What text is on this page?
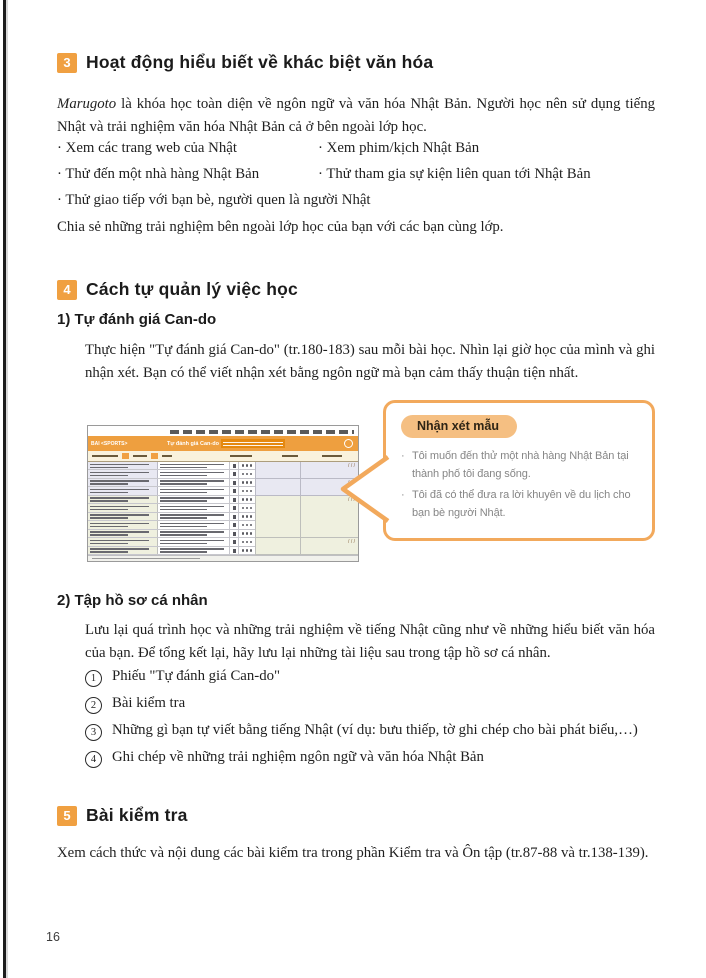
3 Hoạt động hiểu biết về khác biệt văn hóa
Marugoto là khóa học toàn diện về ngôn ngữ và văn hóa Nhật Bản. Người học nên sử dụng tiếng Nhật và trải nghiệm văn hóa Nhật Bản cả ở bên ngoài lớp học.
· Xem các trang web của Nhật	· Xem phim/kịch Nhật Bản
· Thử đến một nhà hàng Nhật Bản	· Thử tham gia sự kiện liên quan tới Nhật Bản
· Thử giao tiếp với bạn bè, người quen là người Nhật
Chia sẻ những trải nghiệm bên ngoài lớp học của bạn với các bạn cùng lớp.
4 Cách tự quản lý việc học
1) Tự đánh giá Can-do
Thực hiện "Tự đánh giá Can-do" (tr.180-183) sau mỗi bài học. Nhìn lại giờ học của mình và ghi nhận xét. Bạn có thể viết nhận xét bằng ngôn ngữ mà bạn cảm thấy thuận tiện nhất.
BÀI <SPORTS>	Tự đánh giá Can-do
/ / /
/ / /
/ / /
Nhận xét mẫu
· Tôi muốn đến thử một nhà hàng Nhật Bản tại thành phố tôi đang sống.
· Tôi đã có thể đưa ra lời khuyên về du lịch cho bạn bè người Nhật.
2) Tập hồ sơ cá nhân
Lưu lại quá trình học và những trải nghiệm về tiếng Nhật cũng như về những hiểu biết văn hóa của bạn. Để tổng kết lại, hãy lưu lại những tài liệu sau trong tập hồ sơ cá nhân.
1	Phiếu "Tự đánh giá Can-do"
2	Bài kiểm tra
3	Những gì bạn tự viết bằng tiếng Nhật (ví dụ: bưu thiếp, tờ ghi chép cho bài phát biểu,…)
4	Ghi chép về những trải nghiệm ngôn ngữ và văn hóa Nhật Bản
5 Bài kiểm tra
Xem cách thức và nội dung các bài kiểm tra trong phần Kiểm tra và Ôn tập (tr.87-88 và tr.138-139).
16
